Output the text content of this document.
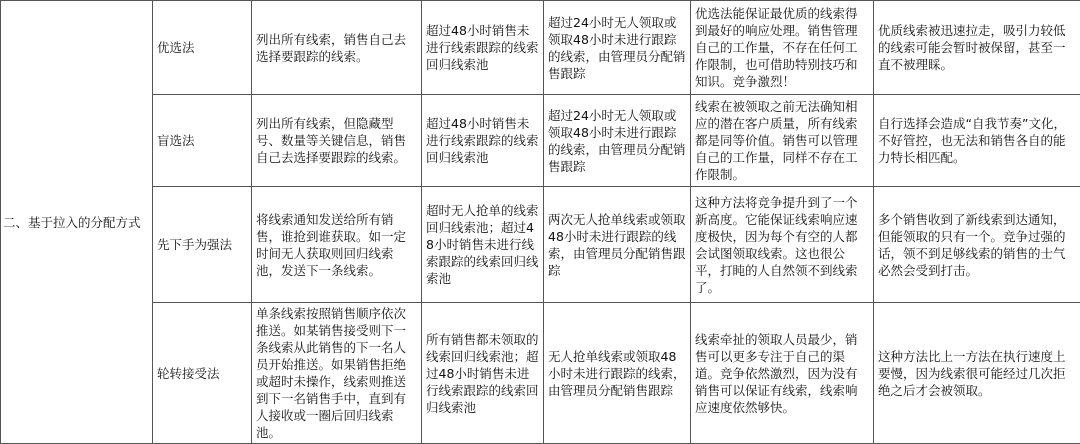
二、基于拉入的分配方式	优选法	列出所有线索，销售自己去选择要跟踪的线索。	超过48小时销售未进行线索跟踪的线索回归线索池	超过24小时无人领取或领取48小时未进行跟踪的线索，由管理员分配销售跟踪	优选法能保证最优质的线索得到最好的响应处理。销售管理自己的工作量，不存在任何工作限制，也可借助特别技巧和知识。竞争激烈！	优质线索被迅速拉走，吸引力较低的线索可能会暂时被保留，甚至一直不被理睬。
	盲选法	列出所有线索，但隐藏型号、数量等关键信息，销售自己去选择要跟踪的线索。	超过48小时销售未进行线索跟踪的线索回归线索池	超过24小时无人领取或领取48小时未进行跟踪的线索，由管理员分配销售跟踪	线索在被领取之前无法确知相应的潜在客户质量，所有线索都是同等价值。销售可以管理自己的工作量，同样不存在工作限制。	自行选择会造成“自我节奏”文化，不好管控，也无法和销售各自的能力特长相匹配。
	先下手为强法	将线索通知发送给所有销售，谁抢到谁获取。如一定时间无人获取则回归线索池，发送下一条线索。	超时无人抢单的线索回归线索池；超过48小时销售未进行线索跟踪的线索回归线索池	两次无人抢单线索或领取48小时未进行跟踪的线索，由管理员分配销售跟踪	这种方法将竞争提升到了一个新高度。它能保证线索响应速度极快，因为每个有空的人都会试图领取线索。这也很公平，打盹的人自然领不到线索了。	多个销售收到了新线索到达通知，但能领取的只有一个。竞争过强的话，领不到足够线索的销售的士气必然会受到打击。
	轮转接受法	单条线索按照销售顺序依次推送。如某销售接受则下一条线索从此销售的下一名人员开始推送。如果销售拒绝或超时未操作，线索则推送到下一名销售手中，直到有人接收或一圈后回归线索池。	所有销售都未领取的线索回归线索池；超过48小时销售未进行线索跟踪的线索回归线索池	无人抢单线索或领取48小时未进行跟踪的线索，由管理员分配销售跟踪	线索牵扯的领取人员最少，销售可以更多专注于自己的渠道。竞争依然激烈，因为没有销售可以保证有线索，线索响应速度依然够快。	这种方法比上一方法在执行速度上要慢，因为线索很可能经过几次拒绝之后才会被领取。
